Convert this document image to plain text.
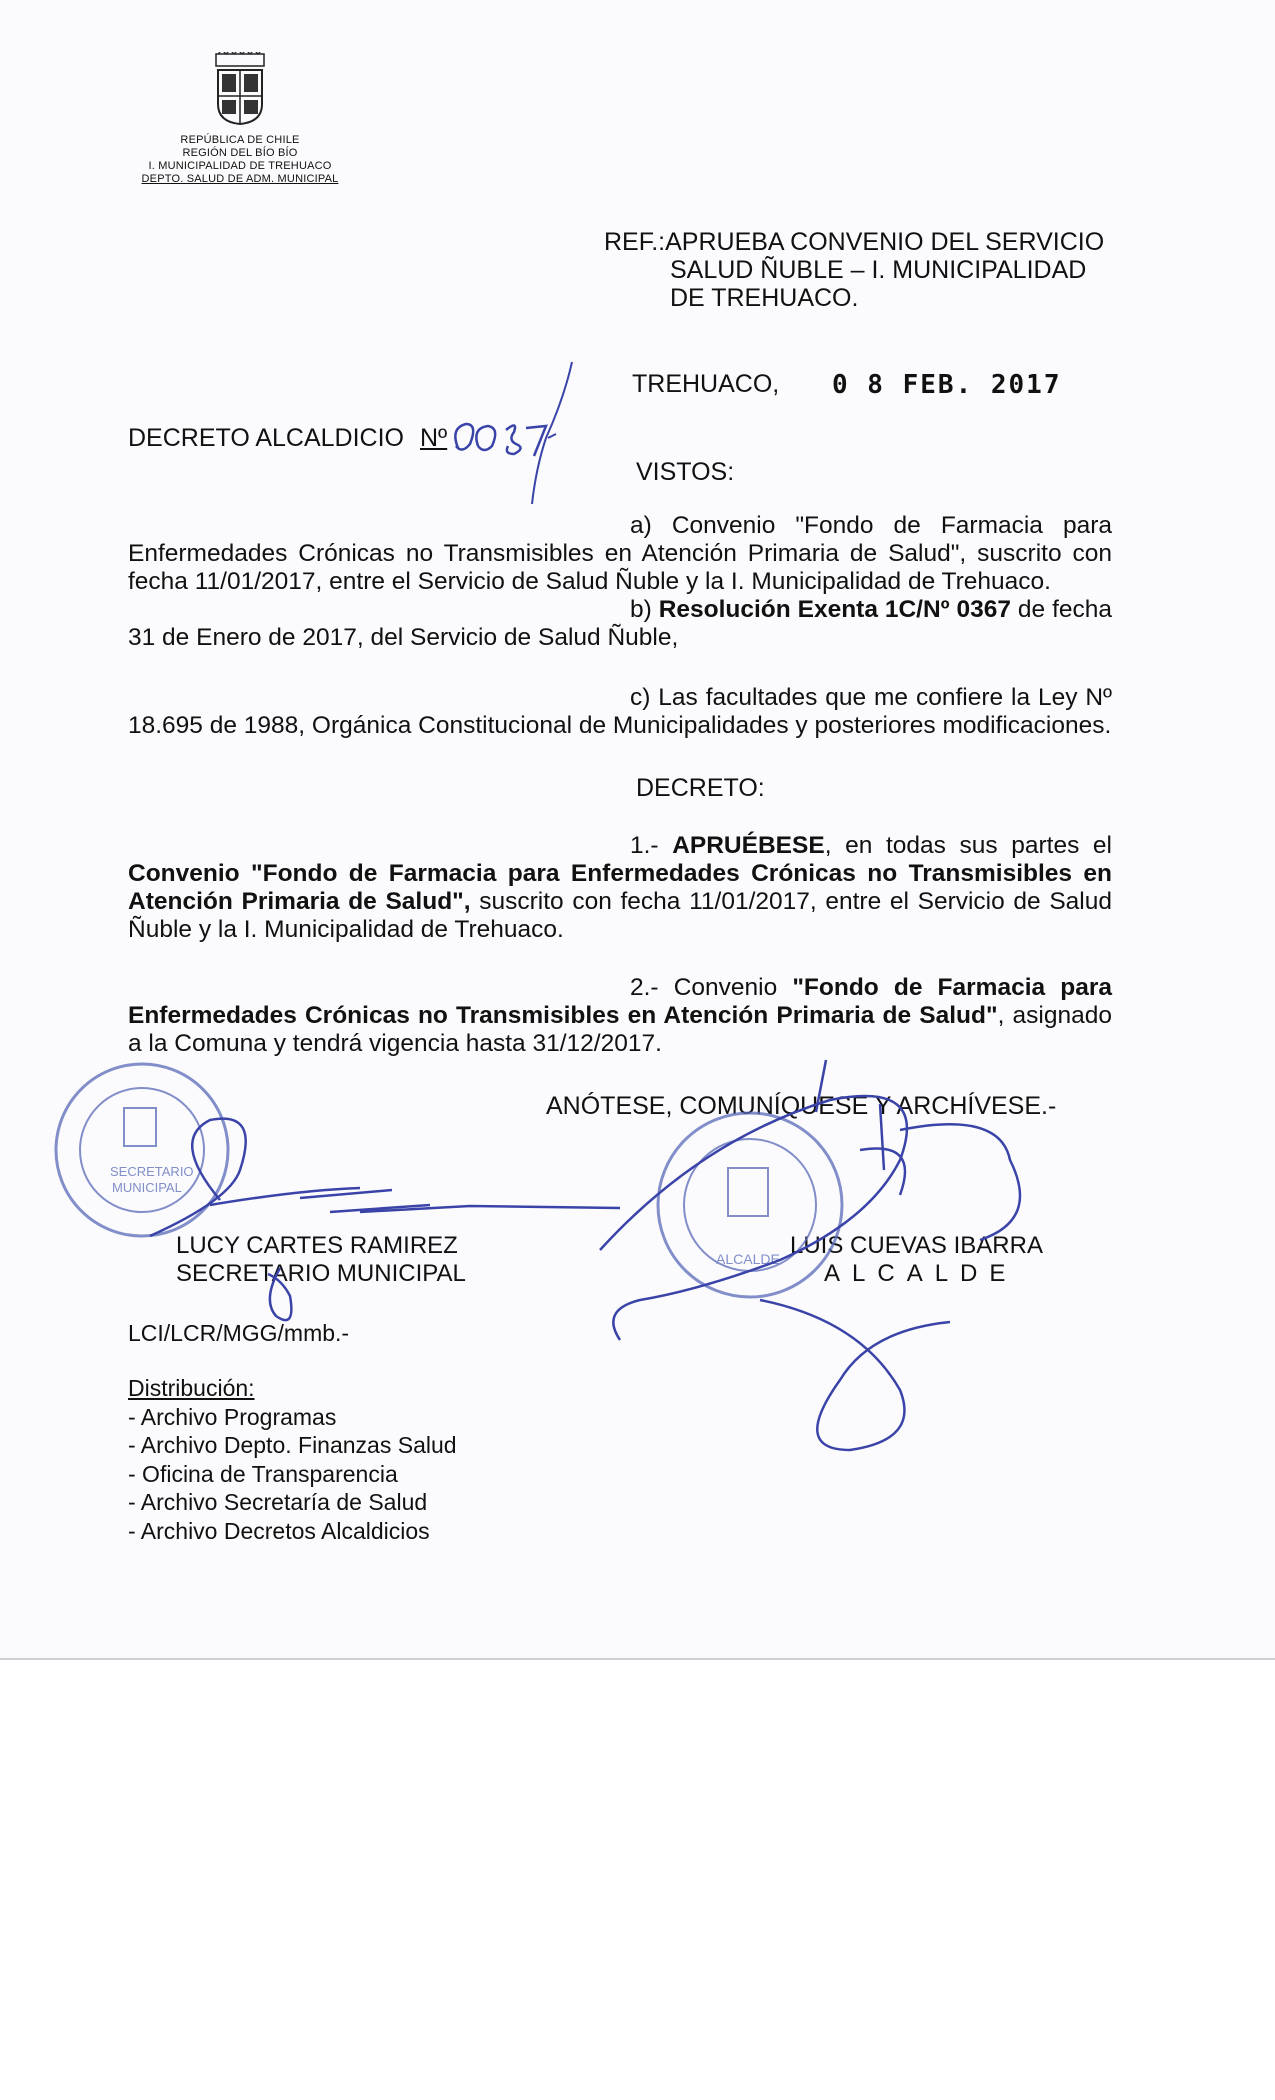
REPÚBLICA DE CHILE
REGIÓN DEL BÍO BÍO
I. MUNICIPALIDAD DE TREHUACO
DEPTO. SALUD DE ADM. MUNICIPAL
REF.:APRUEBA CONVENIO DEL SERVICIO
SALUD ÑUBLE – I. MUNICIPALIDAD
DE TREHUACO.
TREHUACO, 0 8 FEB. 2017
DECRETO ALCALDICIO Nº
VISTOS:
a) Convenio "Fondo de Farmacia para Enfermedades Crónicas no Transmisibles en Atención Primaria de Salud", suscrito con fecha 11/01/2017, entre el Servicio de Salud Ñuble y la I. Municipalidad de Trehuaco.
b) Resolución Exenta 1C/Nº 0367 de fecha 31 de Enero de 2017, del Servicio de Salud Ñuble,
c) Las facultades que me confiere la Ley Nº 18.695 de 1988, Orgánica Constitucional de Municipalidades y posteriores modificaciones.
DECRETO:
1.- APRUÉBESE, en todas sus partes el Convenio "Fondo de Farmacia para Enfermedades Crónicas no Transmisibles en Atención Primaria de Salud", suscrito con fecha 11/01/2017, entre el Servicio de Salud Ñuble y la I. Municipalidad de Trehuaco.
2.- Convenio "Fondo de Farmacia para Enfermedades Crónicas no Transmisibles en Atención Primaria de Salud", asignado a la Comuna y tendrá vigencia hasta 31/12/2017.
ANÓTESE, COMUNÍQUESE Y ARCHÍVESE.-
LUCY CARTES RAMIREZ
SECRETARIO MUNICIPAL
LUIS CUEVAS IBARRA
ALCALDE
LCI/LCR/MGG/mmb.-
Distribución:
- Archivo Programas
- Archivo Depto. Finanzas Salud
- Oficina de Transparencia
- Archivo Secretaría de Salud
- Archivo Decretos Alcaldicios
SECRETARIO
MUNICIPAL
ALCALDE
